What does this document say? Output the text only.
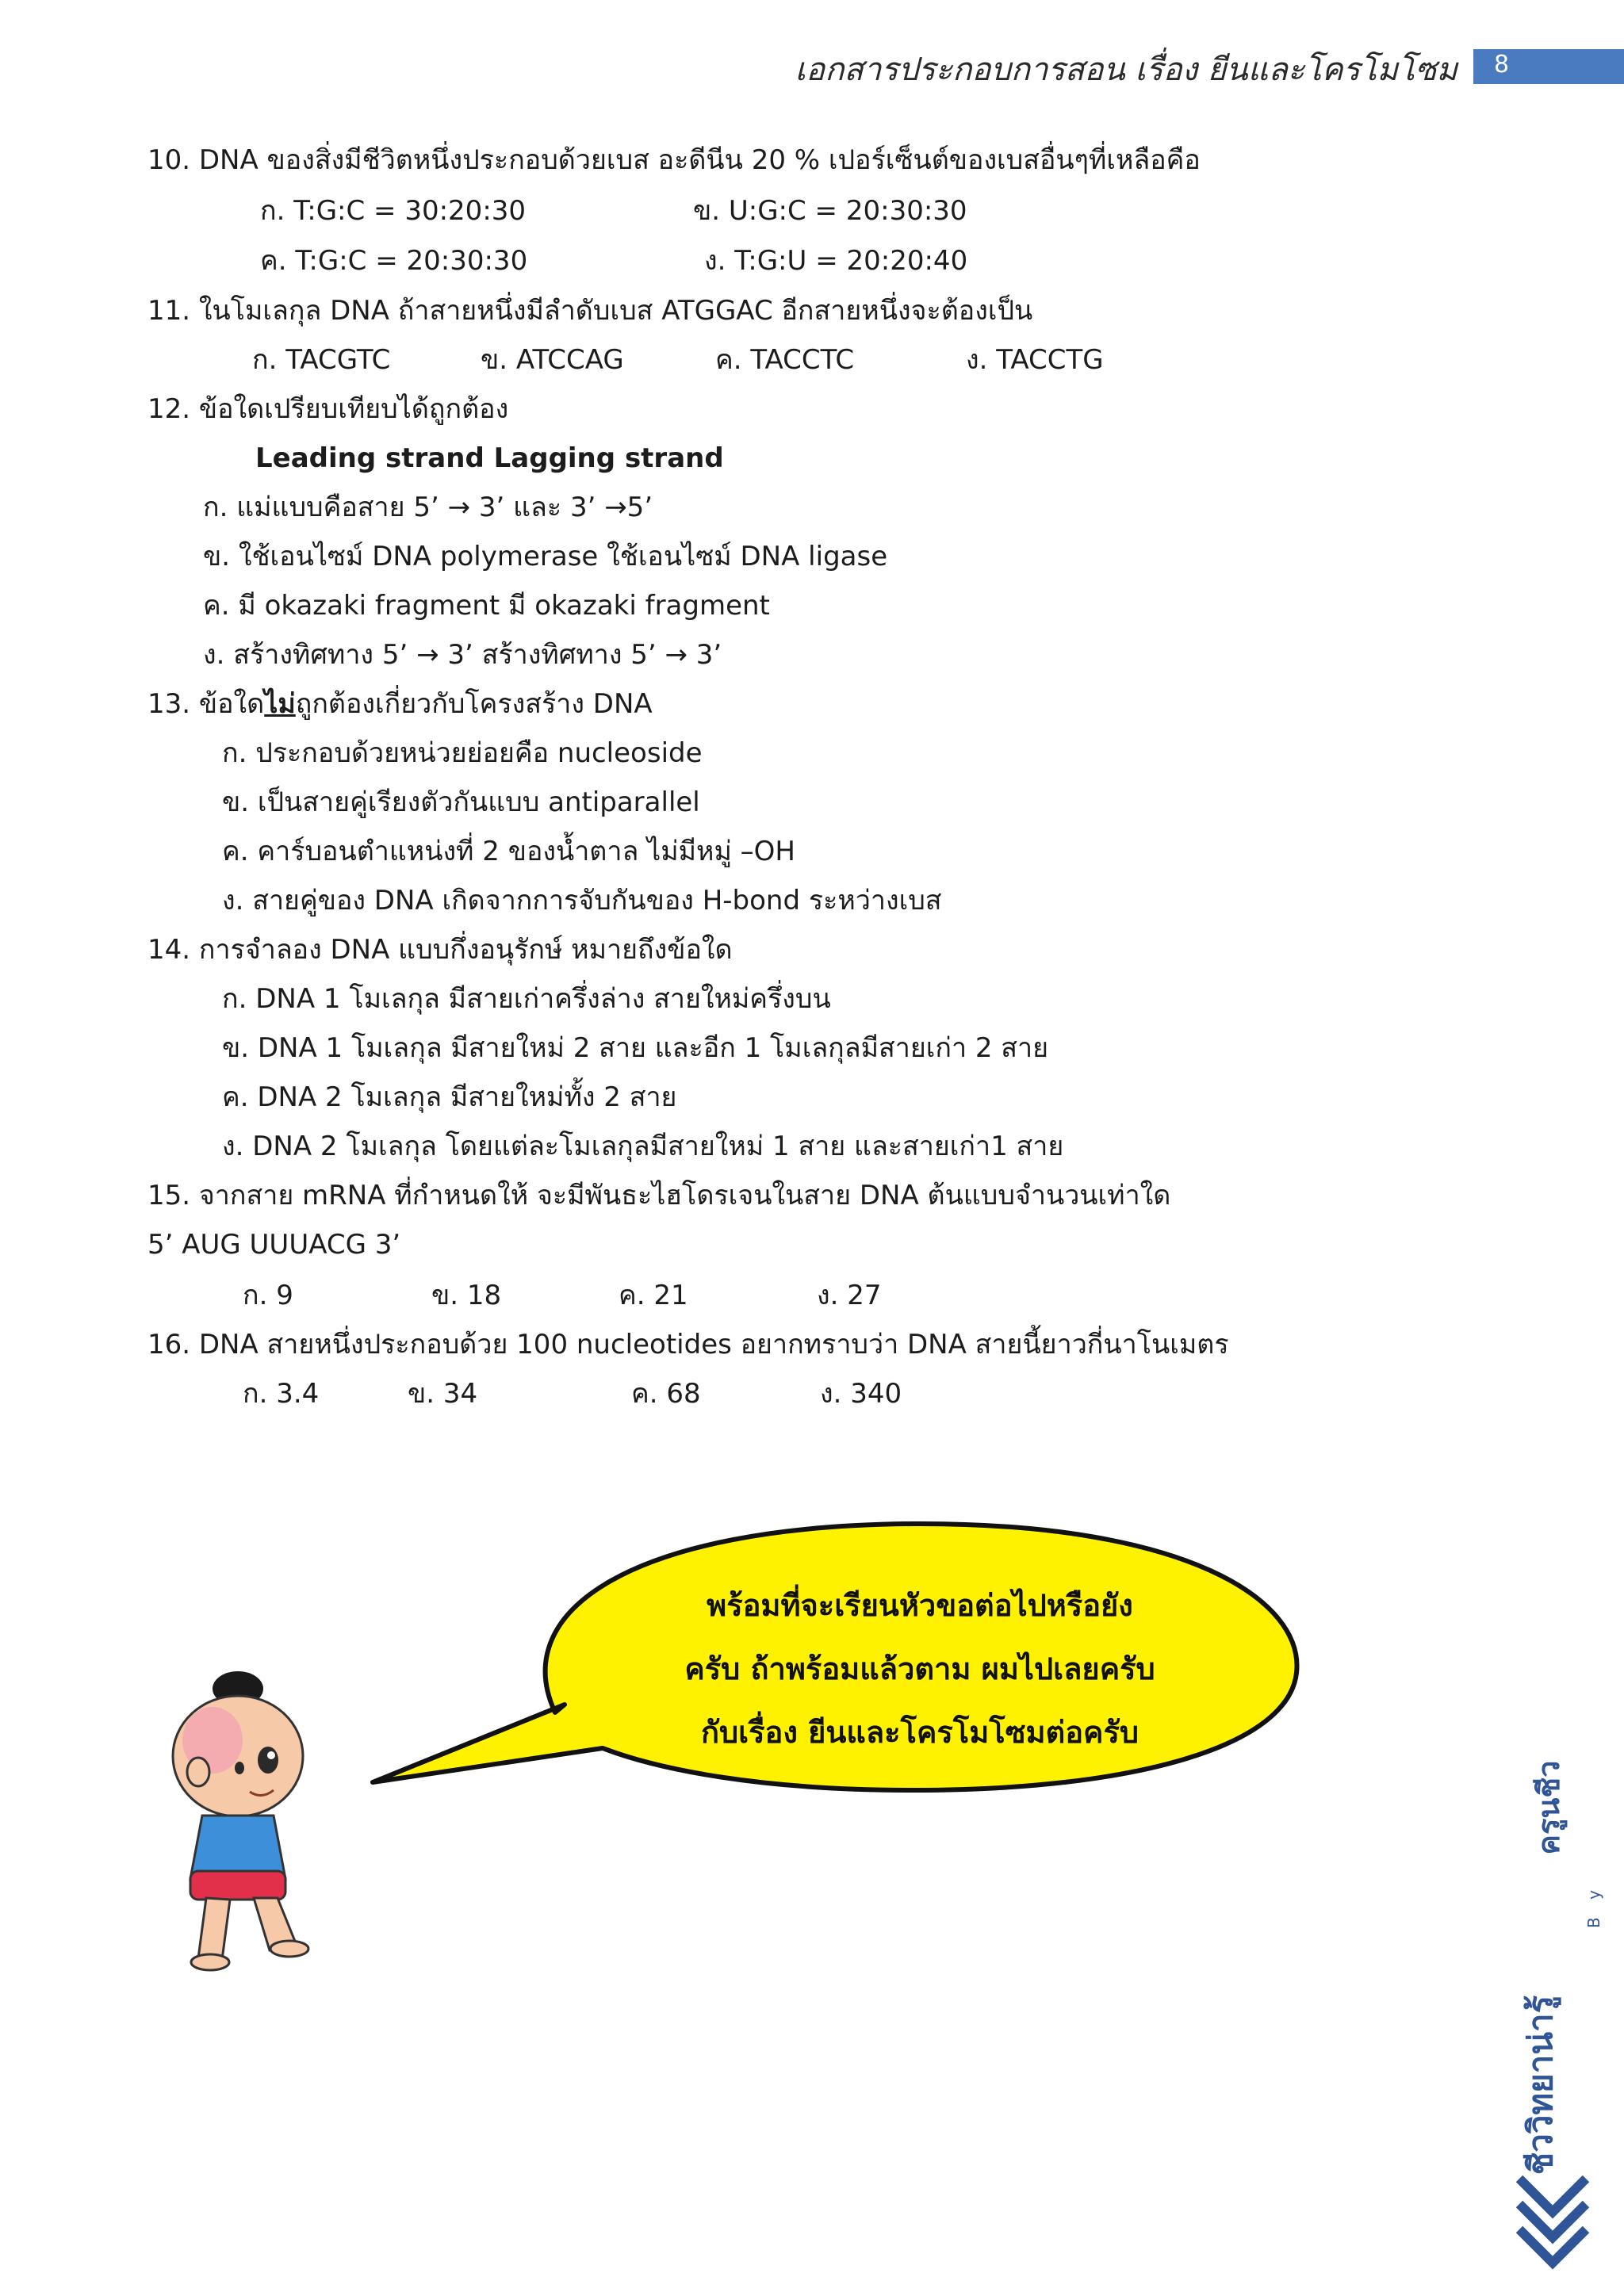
เอกสารประกอบการสอน เรื่อง ยีนและโครโมโซม 8
10. DNA ของสิ่งมีชีวิตหนึ่งประกอบด้วยเบส อะดีนีน 20 % เปอร์เซ็นต์ของเบสอื่นๆที่เหลือคือ
ก. T:G:C = 30:20:30	ข. U:G:C = 20:30:30
ค. T:G:C = 20:30:30	ง. T:G:U = 20:20:40
11. ในโมเลกุล DNA ถ้าสายหนึ่งมีลำดับเบส ATGGAC อีกสายหนึ่งจะต้องเป็น
ก. TACGTC	ข. ATCCAG	ค. TACCTC	ง. TACCTG
12. ข้อใดเปรียบเทียบได้ถูกต้อง
Leading strand Lagging strand
ก. แม่แบบคือสาย 5’ → 3’ และ 3’ →5’
ข. ใช้เอนไซม์ DNA polymerase ใช้เอนไซม์ DNA ligase
ค. มี okazaki fragment มี okazaki fragment
ง. สร้างทิศทาง 5’ → 3’ สร้างทิศทาง 5’ → 3’
13. ข้อใดไม่ถูกต้องเกี่ยวกับโครงสร้าง DNA
ก. ประกอบด้วยหน่วยย่อยคือ nucleoside
ข. เป็นสายคู่เรียงตัวกันแบบ antiparallel
ค. คาร์บอนตำแหน่งที่ 2 ของน้ำตาล ไม่มีหมู่ –OH
ง. สายคู่ของ DNA เกิดจากการจับกันของ H-bond ระหว่างเบส
14. การจำลอง DNA แบบกึ่งอนุรักษ์ หมายถึงข้อใด
ก. DNA 1 โมเลกุล มีสายเก่าครึ่งล่าง สายใหม่ครึ่งบน
ข. DNA 1 โมเลกุล มีสายใหม่ 2 สาย และอีก 1 โมเลกุลมีสายเก่า 2 สาย
ค. DNA 2 โมเลกุล มีสายใหม่ทั้ง 2 สาย
ง. DNA 2 โมเลกุล โดยแต่ละโมเลกุลมีสายใหม่ 1 สาย และสายเก่า1 สาย
15. จากสาย mRNA ที่กำหนดให้ จะมีพันธะไฮโดรเจนในสาย DNA ต้นแบบจำนวนเท่าใด
5’ AUG UUUACG 3’
ก. 9	ข. 18	ค. 21	ง. 27
16. DNA สายหนึ่งประกอบด้วย 100 nucleotides อยากทราบว่า DNA สายนี้ยาวกี่นาโนเมตร
ก. 3.4	ข. 34	ค. 68	ง. 340
พร้อมที่จะเรียนหัวขอต่อไปหรือยัง
ครับ ถ้าพร้อมแล้วตาม ผมไปเลยครับ
กับเรื่อง ยีนและโครโมโซมต่อครับ
B y
ครูนชีว
ชีววิทยาน่ารู้
